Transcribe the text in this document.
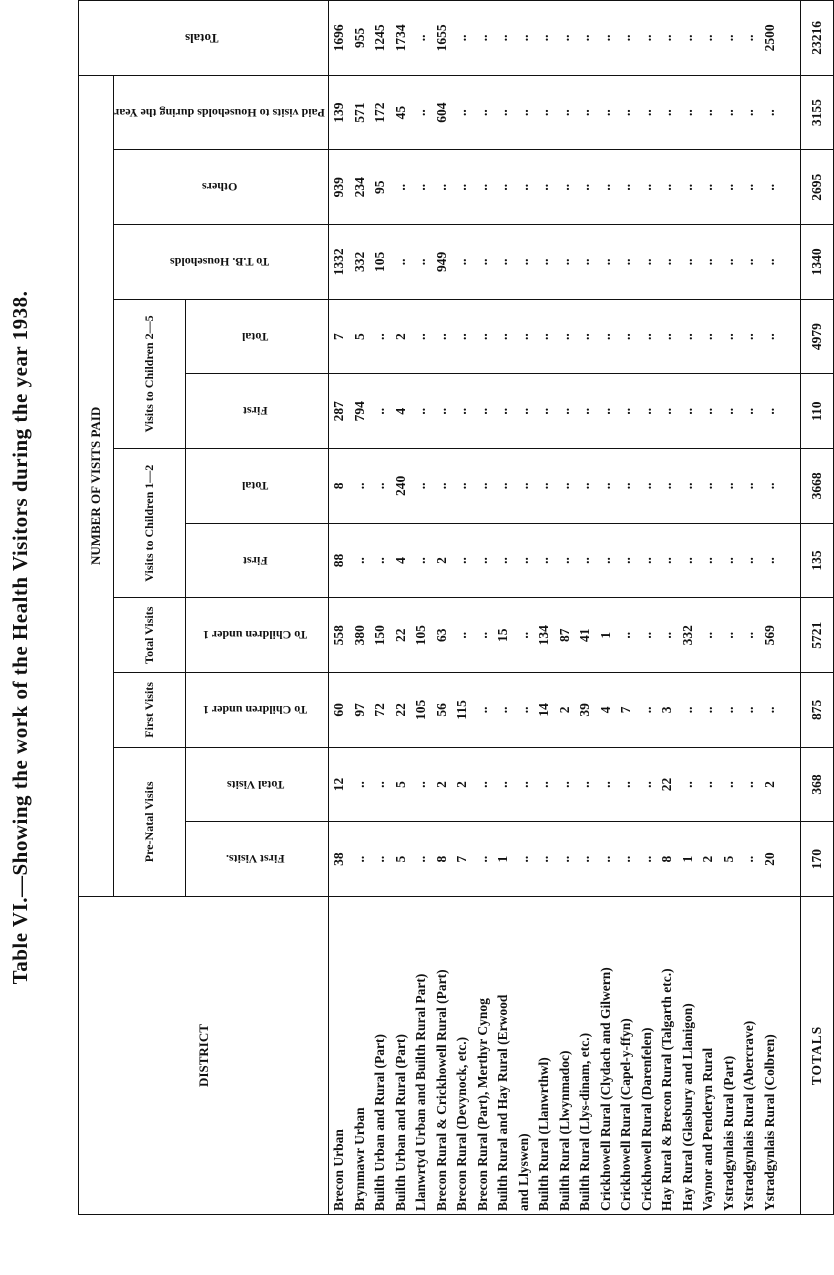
Table VI.—Showing the work of the Health Visitors during the year 1938.
DISTRICT	NUMBER OF VISITS PAID											Totals
	Pre-Natal Visits		First Visits	Total Visits	Visits to Children 1—2		Visits to Children 2—5		To T.B. Households	Others	Paid visits to Households during the Year	
	First Visits.	Total Visits	To Children under 1	To Children under 1	First	Total	First	Total				
Brecon Urban	38	12	60	558	88	8	287	7	1332	939	139	1696
Brynmawr Urban	..	..	97	380	..	..	794	5	332	234	571	955
Builth Urban and Rural (Part)	..	..	72	150	..	..	..	..	105	95	172	1245
Builth Urban and Rural (Part)	5	5	22	22	4	240	4	2	..	..	45	1734
Llanwrtyd Urban and Builth Rural Part)	..	..	105	105	..	..	..	..	..	..	..	..
Brecon Rural & Crickhowell Rural (Part)	8	2	56	63	2	..	..	..	949	..	604	1655
Brecon Rural (Devynock, etc.)	7	2	115	..	..	..	..	..	..	..	..	..
Brecon Rural (Part), Merthyr Cynog	..	..	..	..	..	..	..	..	..	..	..	..
Builth Rural and Hay Rural (Erwood	1	..	..	15	..	..	..	..	..	..	..	..
and Llyswen)	..	..	..	..	..	..	..	..	..	..	..	..
Builth Rural (Llanwrthwl)	..	..	14	134	..	..	..	..	..	..	..	..
Builth Rural (Llwynmadoc)	..	..	2	87	..	..	..	..	..	..	..	..
Builth Rural (Llys-dinam, etc.)	..	..	39	41	..	..	..	..	..	..	..	..
Crickhowell Rural (Clydach and Gilwern)	..	..	4	1	..	..	..	..	..	..	..	..
Crickhowell Rural (Capel-y-ffyn)	..	..	7	..	..	..	..	..	..	..	..	..
Crickhowell Rural (Darenfelen)	..	..	..	..	..	..	..	..	..	..	..	..
Hay Rural & Brecon Rural (Talgarth etc.)	8	22	3	..	..	..	..	..	..	..	..	..
Hay Rural (Glasbury and Llanigon)	1	..	..	332	..	..	..	..	..	..	..	..
Vaynor and Penderyn Rural	2	..	..	..	..	..	..	..	..	..	..	..
Ystradgynlais Rural (Part)	5	..	..	..	..	..	..	..	..	..	..	..
Ystradgynlais Rural (Abercrave)	..	..	..	..	..	..	..	..	..	..	..	..
Ystradgynlais Rural (Colbren)	20	2	..	569	..	..	..	..	..	..	..	2500

TOTALS	170	368	875	5721	135	3668	110	4979	1340	2695	3155	23216
